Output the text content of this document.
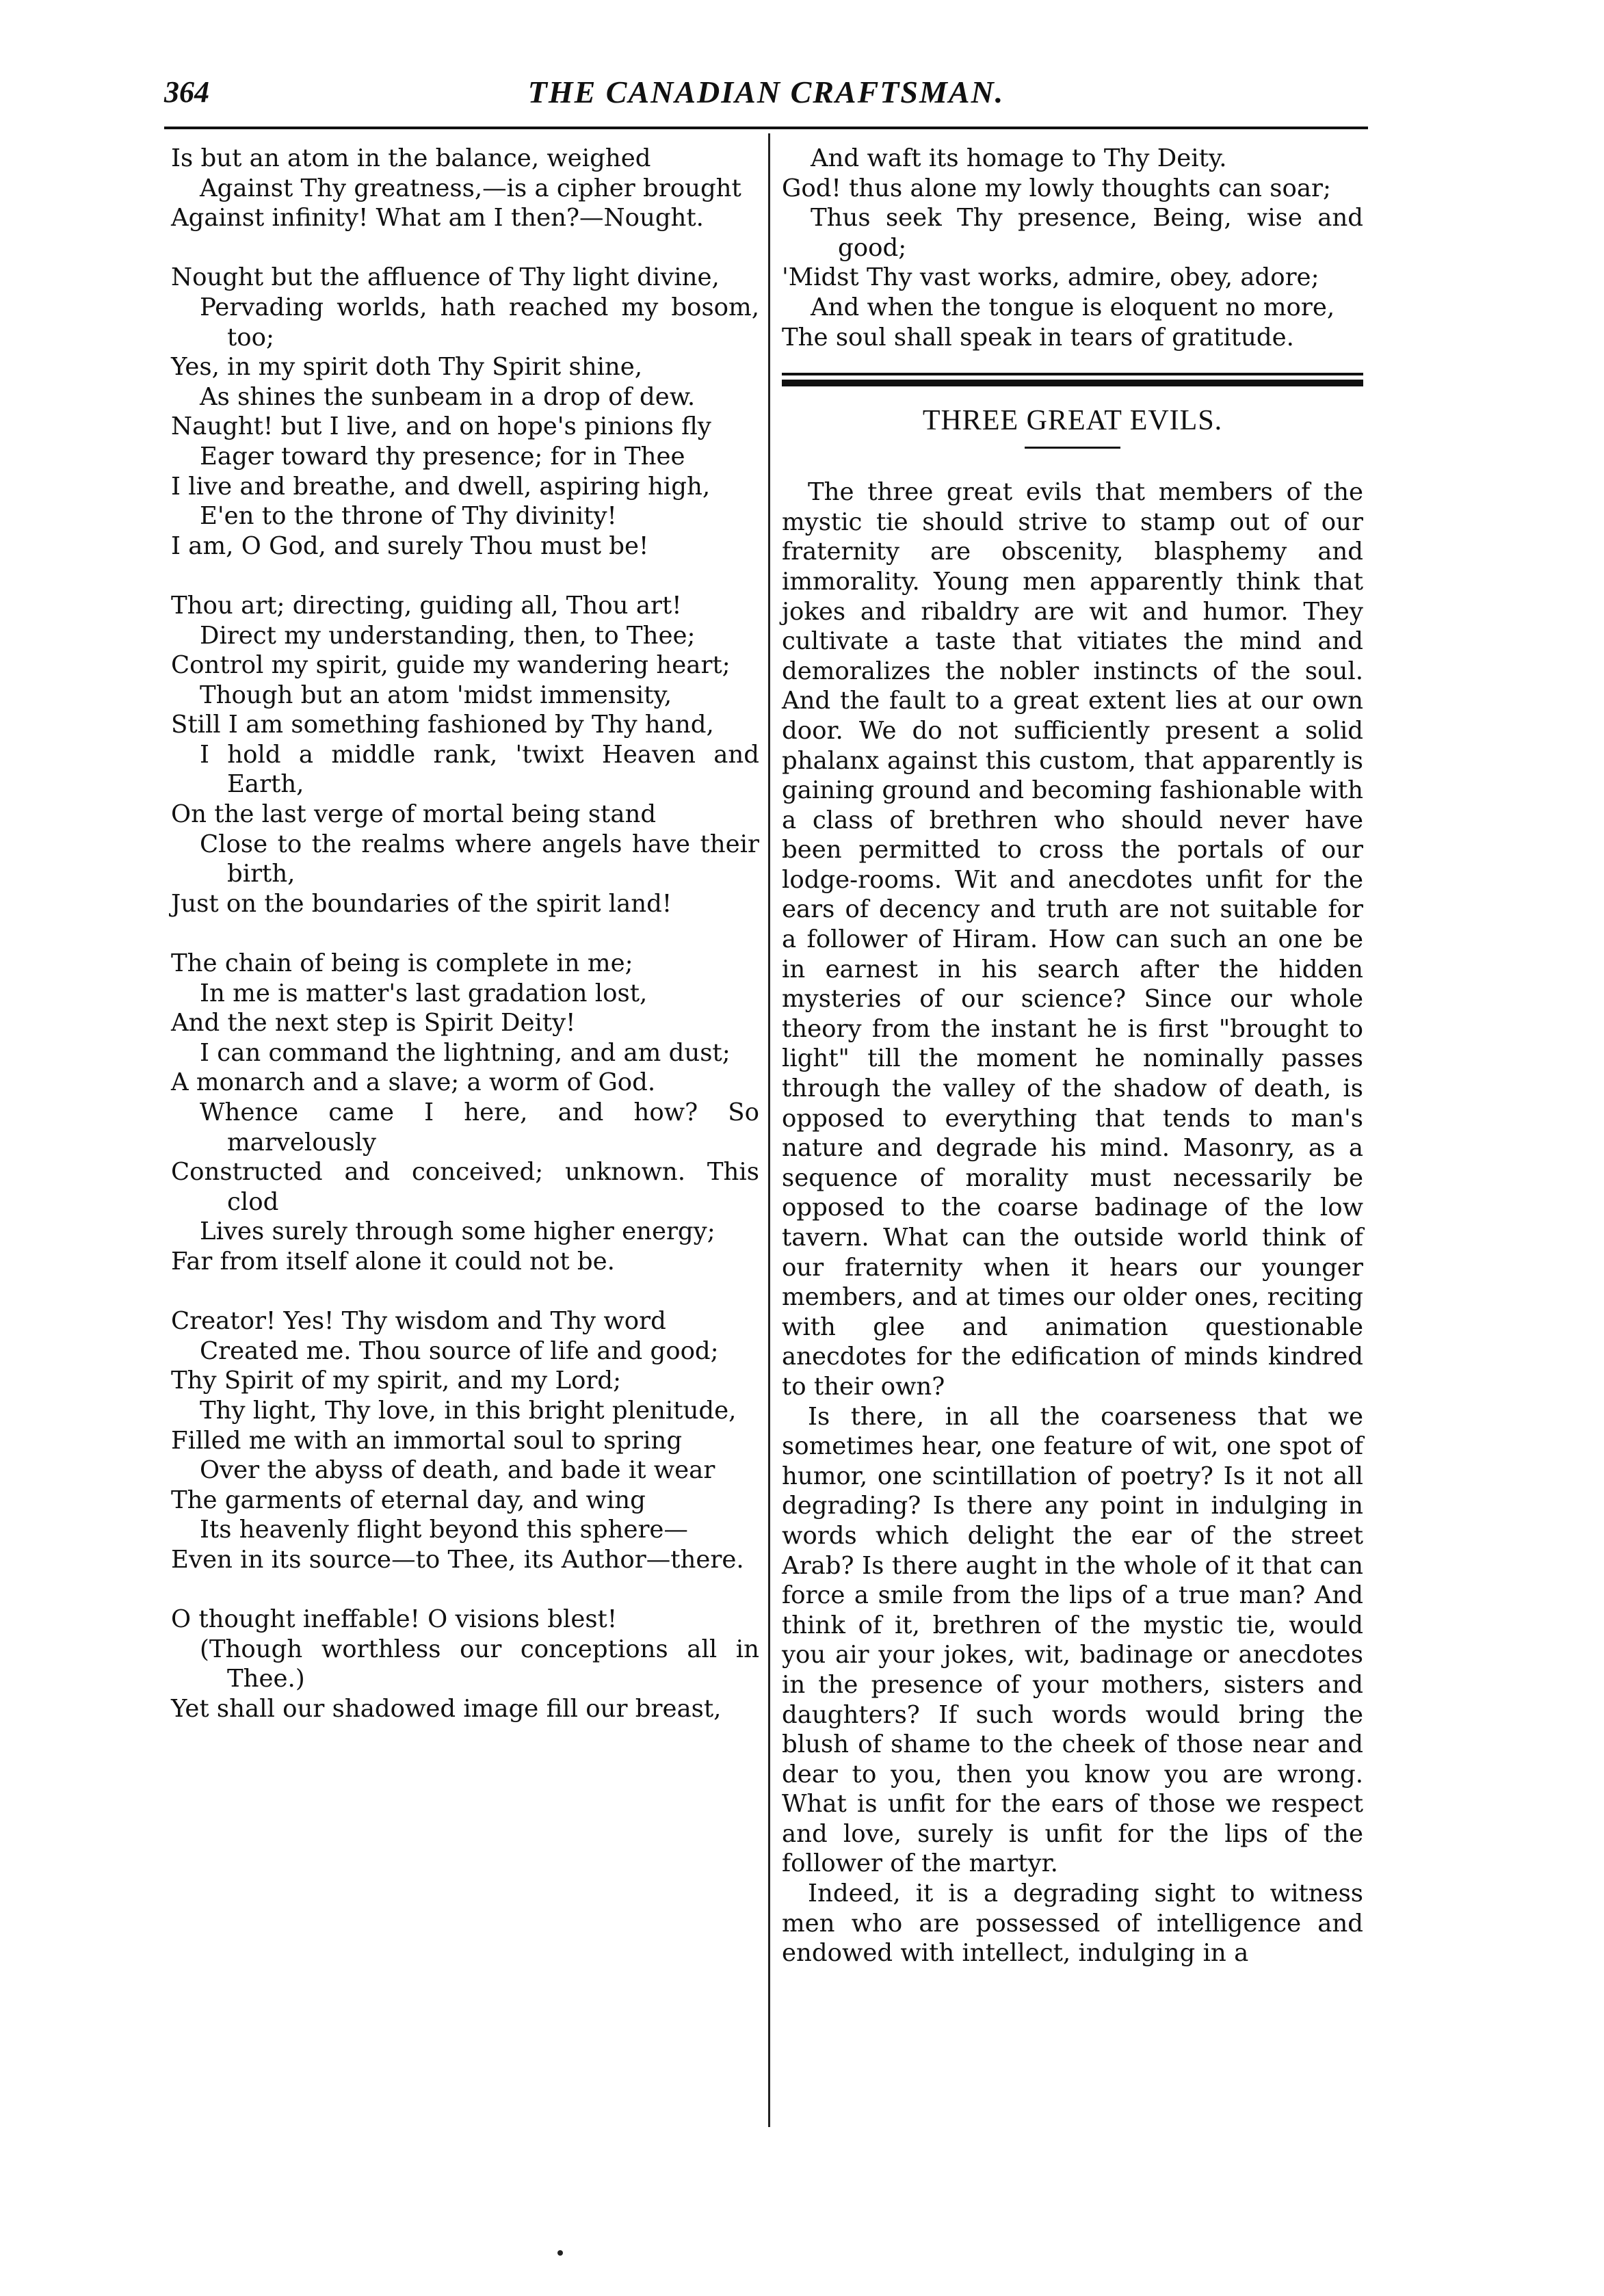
364	THE CANADIAN CRAFTSMAN.
Is but an atom in the balance, weighed
Against Thy greatness,—is a cipher brought
Against infinity! What am I then?—Nought.
Nought but the affluence of Thy light divine,
Pervading worlds, hath reached my bosom, too;
Yes, in my spirit doth Thy Spirit shine,
As shines the sunbeam in a drop of dew.
Naught! but I live, and on hope's pinions fly
Eager toward thy presence; for in Thee
I live and breathe, and dwell, aspiring high,
E'en to the throne of Thy divinity!
I am, O God, and surely Thou must be!
Thou art; directing, guiding all, Thou art!
Direct my understanding, then, to Thee;
Control my spirit, guide my wandering heart;
Though but an atom 'midst immensity,
Still I am something fashioned by Thy hand,
I hold a middle rank, 'twixt Heaven and Earth,
On the last verge of mortal being stand
Close to the realms where angels have their birth,
Just on the boundaries of the spirit land!
The chain of being is complete in me;
In me is matter's last gradation lost,
And the next step is Spirit Deity!
I can command the lightning, and am dust;
A monarch and a slave; a worm of God.
Whence came I here, and how? So marvelously
Constructed and conceived; unknown. This clod
Lives surely through some higher energy;
Far from itself alone it could not be.
Creator! Yes! Thy wisdom and Thy word
Created me. Thou source of life and good;
Thy Spirit of my spirit, and my Lord;
Thy light, Thy love, in this bright plenitude,
Filled me with an immortal soul to spring
Over the abyss of death, and bade it wear
The garments of eternal day, and wing
Its heavenly flight beyond this sphere—
Even in its source—to Thee, its Author—there.
O thought ineffable! O visions blest!
(Though worthless our conceptions all in Thee.)
Yet shall our shadowed image fill our breast,
And waft its homage to Thy Deity.
God! thus alone my lowly thoughts can soar;
Thus seek Thy presence, Being, wise and good;
'Midst Thy vast works, admire, obey, adore;
And when the tongue is eloquent no more,
The soul shall speak in tears of gratitude.
THREE GREAT EVILS.

The three great evils that members of the mystic tie should strive to stamp out of our fraternity are obscenity, blasphemy and immorality. Young men apparently think that jokes and ribaldry are wit and humor. They cultivate a taste that vitiates the mind and demoralizes the nobler instincts of the soul. And the fault to a great extent lies at our own door. We do not sufficiently present a solid phalanx against this custom, that apparently is gaining ground and becoming fashionable with a class of brethren who should never have been permitted to cross the portals of our lodge-rooms. Wit and anecdotes unfit for the ears of decency and truth are not suitable for a follower of Hiram. How can such an one be in earnest in his search after the hidden mysteries of our science? Since our whole theory from the instant he is first "brought to light" till the moment he nominally passes through the valley of the shadow of death, is opposed to everything that tends to man's nature and degrade his mind. Masonry, as a sequence of morality must necessarily be opposed to the coarse badinage of the low tavern. What can the outside world think of our fraternity when it hears our younger members, and at times our older ones, reciting with glee and animation questionable anecdotes for the edification of minds kindred to their own?

Is there, in all the coarseness that we sometimes hear, one feature of wit, one spot of humor, one scintillation of poetry? Is it not all degrading? Is there any point in indulging in words which delight the ear of the street Arab? Is there aught in the whole of it that can force a smile from the lips of a true man? And think of it, brethren of the mystic tie, would you air your jokes, wit, badinage or anecdotes in the presence of your mothers, sisters and daughters? If such words would bring the blush of shame to the cheek of those near and dear to you, then you know you are wrong. What is unfit for the ears of those we respect and love, surely is unfit for the lips of the follower of the martyr.

Indeed, it is a degrading sight to witness men who are possessed of intelligence and endowed with intellect, indulging in a
